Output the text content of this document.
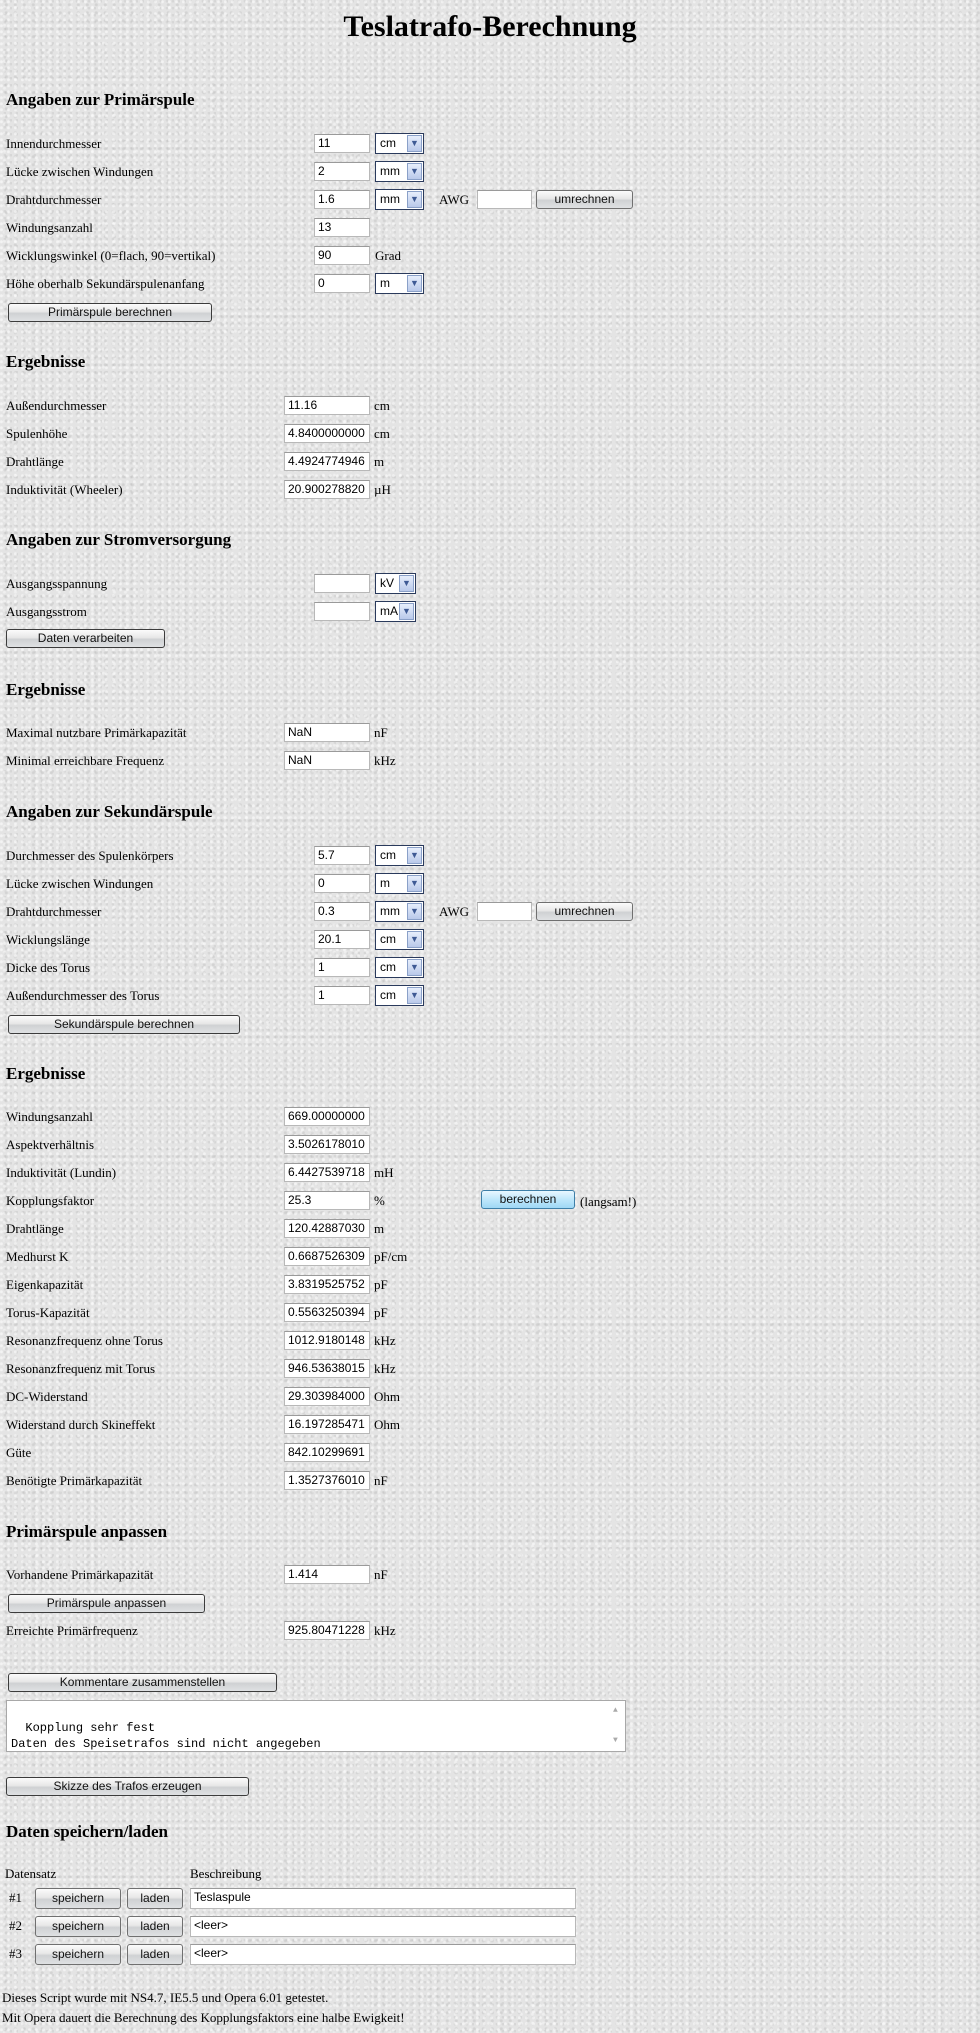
Teslatrafo-Berechnung
Angaben zur Primärspule
Innendurchmesser	11	cm	▼
Lücke zwischen Windungen	2	mm	▼
Drahtdurchmesser	1.6	mm	▼ AWG	umrechnen
Windungsanzahl	13
Wicklungswinkel (0=flach, 90=vertikal)	90	Grad
Höhe oberhalb Sekundärspulenanfang	0	m	▼
Primärspule berechnen
Ergebnisse
Außendurchmesser	11.16	cm
Spulenhöhe	4.8400000000 cm
Drahtlänge	4.4924774946 m
Induktivität (Wheeler)	20.900278820 µH
Angaben zur Stromversorgung
Ausgangsspannung	kV ▼
Ausgangsstrom	mA ▼
Daten verarbeiten
Ergebnisse
Maximal nutzbare Primärkapazität	NaN	nF
Minimal erreichbare Frequenz	NaN	kHz
Angaben zur Sekundärspule
Durchmesser des Spulenkörpers	5.7	cm	▼
Lücke zwischen Windungen	0	m	▼
Drahtdurchmesser	0.3	mm	▼ AWG	umrechnen
Wicklungslänge	20.1	cm	▼
Dicke des Torus	1	cm	▼
Außendurchmesser des Torus	1	cm	▼
Sekundärspule berechnen
Ergebnisse
Windungsanzahl	669.00000000
Aspektverhältnis	3.5026178010
Induktivität (Lundin)	6.4427539718 mH
Kopplungsfaktor	25.3	%	berechnen	(langsam!)
Drahtlänge	120.42887030 m
Medhurst K	0.6687526309 pF/cm
Eigenkapazität	3.8319525752 pF
Torus-Kapazität	0.5563250394 pF
Resonanzfrequenz ohne Torus	1012.9180148 kHz
Resonanzfrequenz mit Torus	946.53638015 kHz
DC-Widerstand	29.303984000 Ohm
Widerstand durch Skineffekt	16.197285471 Ohm
Güte	842.10299691
Benötigte Primärkapazität	1.3527376010 nF
Primärspule anpassen
Vorhandene Primärkapazität	1.414	nF
Primärspule anpassen
Erreichte Primärfrequenz	925.80471228 kHz
Kommentare zusammenstellen

Kopplung sehr fest
Daten des Speisetrafos sind nicht angegeben

▲

▼

Skizze des Trafos erzeugen
Daten speichern/laden
Datensatz	Beschreibung
#1	speichern	laden	Teslaspule
#2	speichern	laden	<leer>
#3	speichern	laden	<leer>
Dieses Script wurde mit NS4.7, IE5.5 und Opera 6.01 getestet.
Mit Opera dauert die Berechnung des Kopplungsfaktors eine halbe Ewigkeit!
